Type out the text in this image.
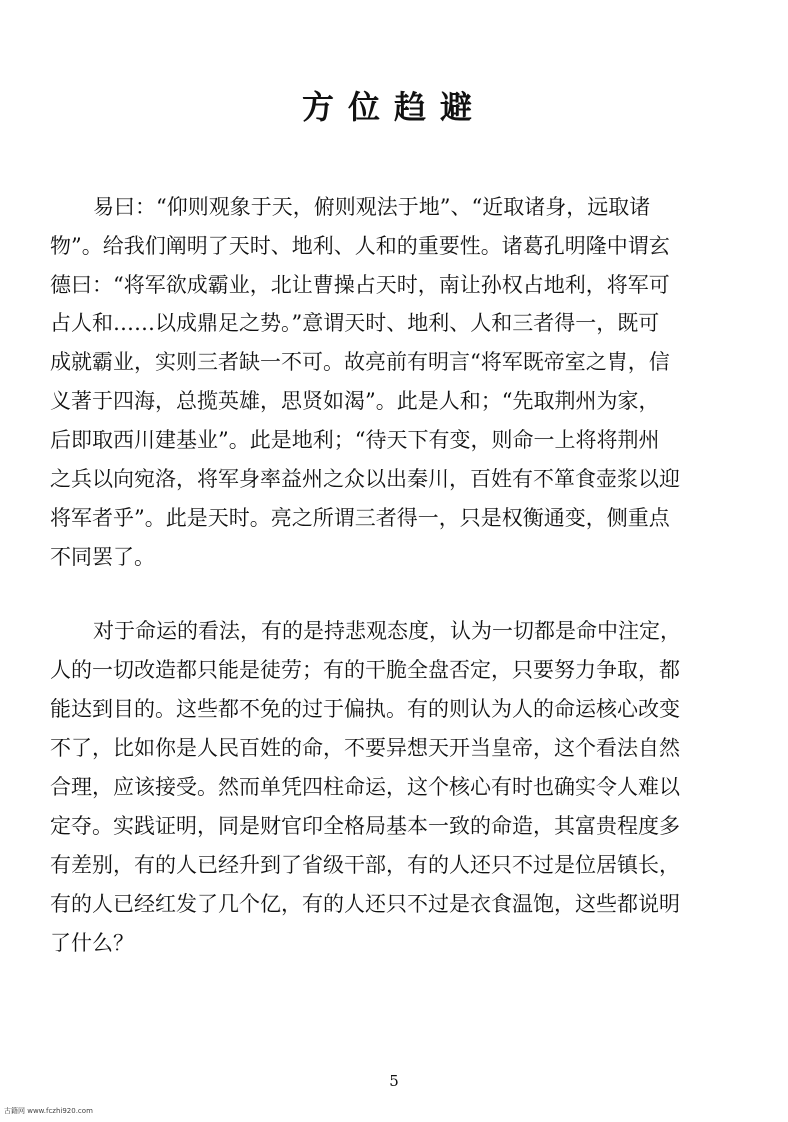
方位趋避
易曰：“仰则观象于天，俯则观法于地”、“近取诸身，远取诸
物”。给我们阐明了天时、地利、人和的重要性。诸葛孔明隆中谓玄
德曰：“将军欲成霸业，北让曹操占天时，南让孙权占地利，将军可
占人和……以成鼎足之势。”意谓天时、地利、人和三者得一，既可
成就霸业，实则三者缺一不可。故亮前有明言“将军既帝室之胄，信
义著于四海，总揽英雄，思贤如渴”。此是人和；“先取荆州为家，
后即取西川建基业”。此是地利；“待天下有变，则命一上将将荆州
之兵以向宛洛，将军身率益州之众以出秦川，百姓有不箪食壶浆以迎
将军者乎”。此是天时。亮之所谓三者得一，只是权衡通变，侧重点
不同罢了。
对于命运的看法，有的是持悲观态度，认为一切都是命中注定，
人的一切改造都只能是徒劳；有的干脆全盘否定，只要努力争取，都
能达到目的。这些都不免的过于偏执。有的则认为人的命运核心改变
不了，比如你是人民百姓的命，不要异想天开当皇帝，这个看法自然
合理，应该接受。然而单凭四柱命运，这个核心有时也确实令人难以
定夺。实践证明，同是财官印全格局基本一致的命造，其富贵程度多
有差别，有的人已经升到了省级干部，有的人还只不过是位居镇长，
有的人已经红发了几个亿，有的人还只不过是衣食温饱，这些都说明
了什么？
5
古籍网 www.fczhi920.com
